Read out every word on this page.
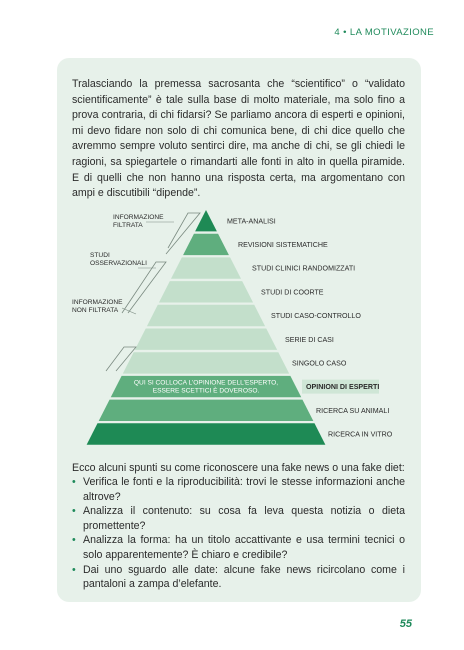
4 • LA MOTIVAZIONE

Tralasciando la premessa sacrosanta che “scientifico” o “validato scientificamente” è tale sulla base di molto materiale, ma solo fino a prova contraria, di chi fidarsi? Se parliamo ancora di esperti e opinioni, mi devo fidare non solo di chi comunica bene, di chi dice quello che avremmo sempre voluto sentirci dire, ma anche di chi, se gli chiedi le ragioni, sa spiegartele o rimandarti alle fonti in alto in quella piramide. E di quelli che non hanno una risposta certa, ma argomentano con ampi e discutibili “dipende”.

META-ANALISI
REVISIONI SISTEMATICHE
STUDI CLINICI RANDOMIZZATI
STUDI DI COORTE
STUDI CASO-CONTROLLO
SERIE DI CASI
SINGOLO CASO
OPINIONI DI ESPERTI
RICERCA SU ANIMALI
RICERCA IN VITRO
INFORMAZIONE
FILTRATA
STUDI
OSSERVAZIONALI
INFORMAZIONE
NON FILTRATA
QUI SI COLLOCA L’OPINIONE DELL’ESPERTO,
ESSERE SCETTICI È DOVEROSO.

Ecco alcuni spunti su come riconoscere una fake news o una fake diet:

• Verifica le fonti e la riproducibilità: trovi le stesse informazioni anche altrove?
• Analizza il contenuto: su cosa fa leva questa notizia o dieta promettente?
• Analizza la forma: ha un titolo accattivante e usa termini tecnici o solo apparentemente? È chiaro e credibile?
• Dai uno sguardo alle date: alcune fake news ricircolano come i pantaloni a zampa d’elefante.
55
